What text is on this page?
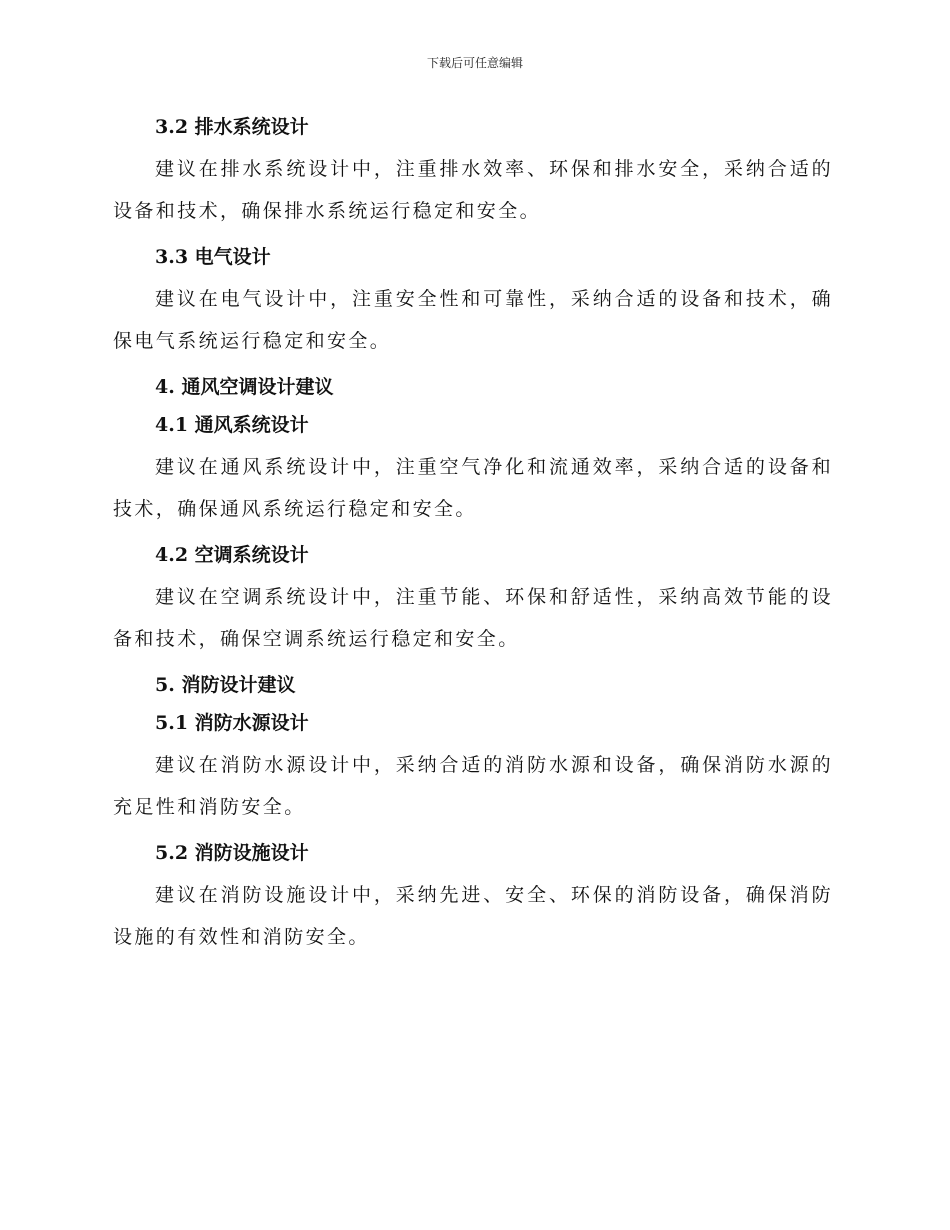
下载后可任意编辑
3.2 排水系统设计

建议在排水系统设计中，注重排水效率、环保和排水安全，采纳合适的设备和技术，确保排水系统运行稳定和安全。

3.3 电气设计

建议在电气设计中，注重安全性和可靠性，采纳合适的设备和技术，确保电气系统运行稳定和安全。

4. 通风空调设计建议
4.1 通风系统设计

建议在通风系统设计中，注重空气净化和流通效率，采纳合适的设备和技术，确保通风系统运行稳定和安全。

4.2 空调系统设计

建议在空调系统设计中，注重节能、环保和舒适性，采纳高效节能的设备和技术，确保空调系统运行稳定和安全。

5. 消防设计建议
5.1 消防水源设计

建议在消防水源设计中，采纳合适的消防水源和设备，确保消防水源的充足性和消防安全。

5.2 消防设施设计

建议在消防设施设计中，采纳先进、安全、环保的消防设备，确保消防设施的有效性和消防安全。
